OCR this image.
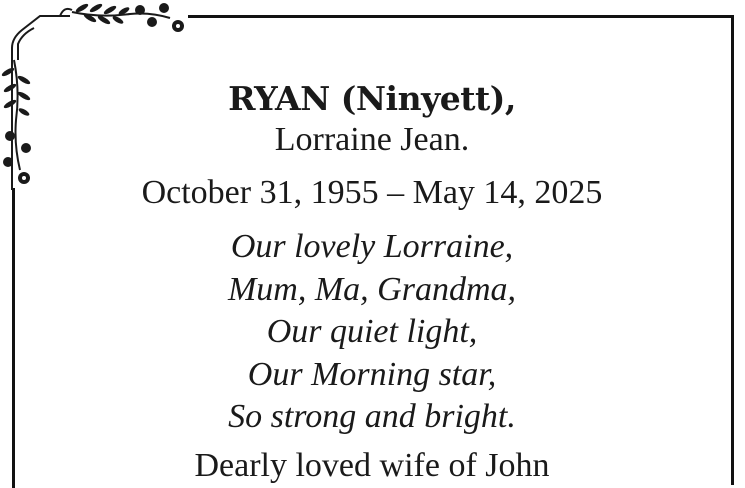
RYAN (Ninyett),
Lorraine Jean.
October 31, 1955 – May 14, 2025
Our lovely Lorraine,
Mum, Ma, Grandma,
Our quiet light,
Our Morning star,
So strong and bright.
Dearly loved wife of John
